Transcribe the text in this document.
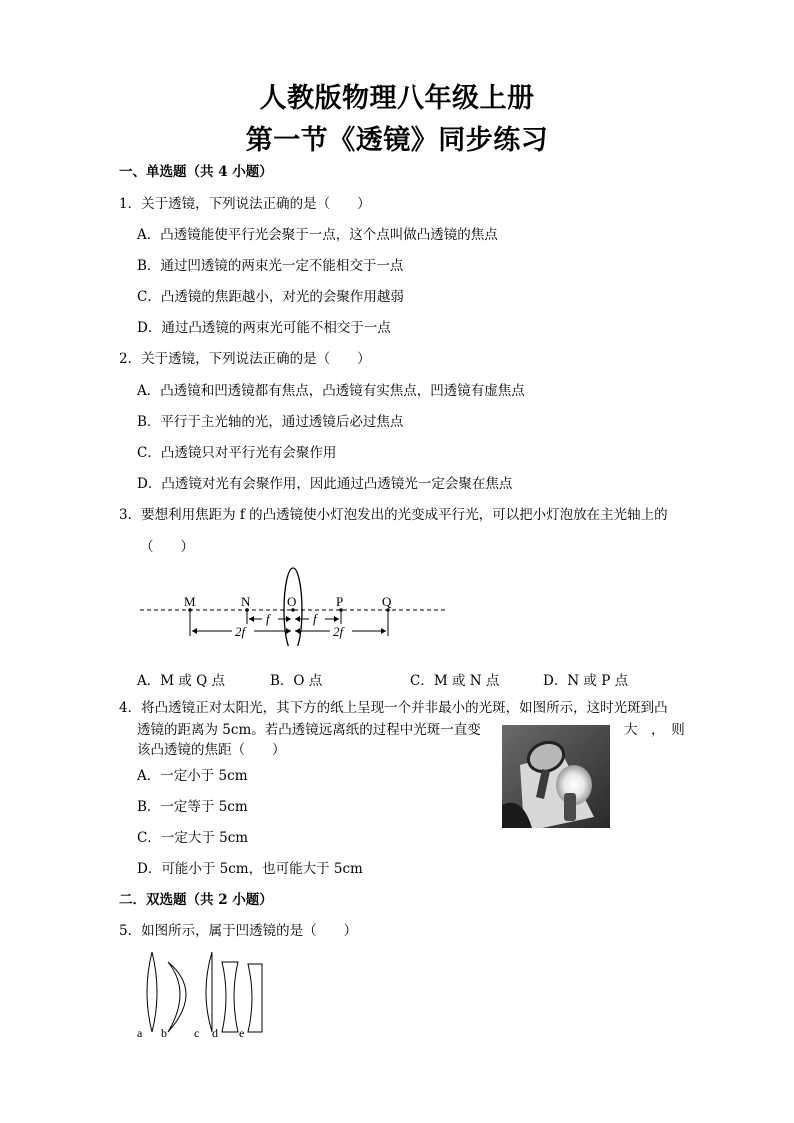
人教版物理八年级上册
第一节《透镜》同步练习
一、单选题（共 4 小题）
1．关于透镜，下列说法正确的是（　　）
A．凸透镜能使平行光会聚于一点，这个点叫做凸透镜的焦点
B．通过凹透镜的两束光一定不能相交于一点
C．凸透镜的焦距越小，对光的会聚作用越弱
D．通过凸透镜的两束光可能不相交于一点
2．关于透镜，下列说法正确的是（　　）
A．凸透镜和凹透镜都有焦点，凸透镜有实焦点，凹透镜有虚焦点
B．平行于主光轴的光，通过透镜后必过焦点
C．凸透镜只对平行光有会聚作用
D．凸透镜对光有会聚作用，因此通过凸透镜光一定会聚在焦点
3．要想利用焦距为 f 的凸透镜使小灯泡发出的光变成平行光，可以把小灯泡放在主光轴上的
（　　）
M	N	O	P	Q
f	f
2f	2f
A．M 或 Q 点	B．O 点	C．M 或 N 点	D．N 或 P 点
4．将凸透镜正对太阳光，其下方的纸上呈现一个并非最小的光斑，如图所示，这时光斑到凸
透镜的距离为 5cm。若凸透镜远离纸的过程中光斑一直变	大　，　则
该凸透镜的焦距（　　）
A．一定小于 5cm
B．一定等于 5cm
C．一定大于 5cm
D．可能小于 5cm，也可能大于 5cm
二．双选题（共 2 小题）
5．如图所示，属于凹透镜的是（　　）
a b c d e
